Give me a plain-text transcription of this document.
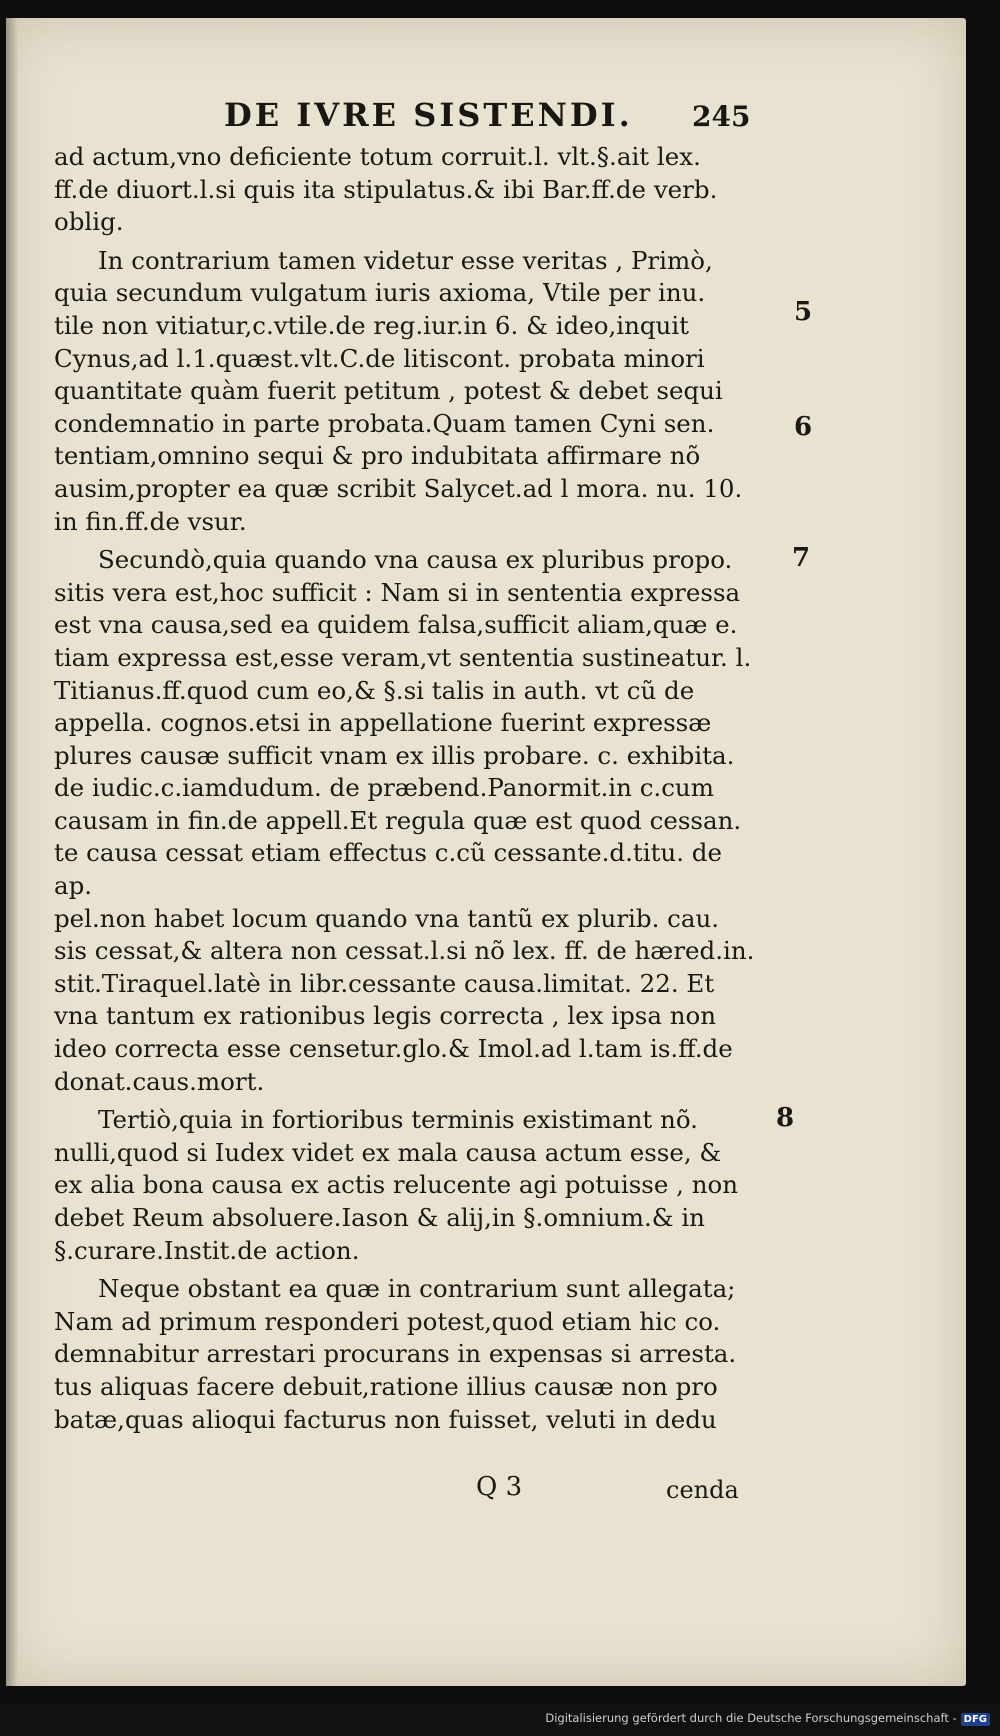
DE IVRE SISTENDI. 245

ad actum,vno deficiente totum corruit.l. vlt.§.ait lex.
ff.de diuort.l.si quis ita stipulatus.& ibi Bar.ff.de verb.
oblig.

In contrarium tamen videtur esse veritas , Primò,
quia secundum vulgatum iuris axioma, Vtile per inu.
tile non vitiatur,c.vtile.de reg.iur.in 6. & ideo,inquit
Cynus,ad l.1.quæst.vlt.C.de litiscont. probata minori
quantitate quàm fuerit petitum , potest & debet sequi
condemnatio in parte probata.Quam tamen Cyni sen.
tentiam,omnino sequi & pro indubitata affirmare nõ
ausim,propter ea quæ scribit Salycet.ad l mora. nu. 10.
in fin.ff.de vsur.

Secundò,quia quando vna causa ex pluribus propo.
sitis vera est,hoc sufficit : Nam si in sententia expressa
est vna causa,sed ea quidem falsa,sufficit aliam,quæ e.
tiam expressa est,esse veram,vt sententia sustineatur. l.
Titianus.ff.quod cum eo,& §.si talis in auth. vt cũ de
appella. cognos.etsi in appellatione fuerint expressæ
plures causæ sufficit vnam ex illis probare. c. exhibita.
de iudic.c.iamdudum. de præbend.Panormit.in c.cum
causam in fin.de appell.Et regula quæ est quod cessan.
te causa cessat etiam effectus c.cũ cessante.d.titu. de ap.
pel.non habet locum quando vna tantũ ex plurib. cau.
sis cessat,& altera non cessat.l.si nõ lex. ff. de hæred.in.
stit.Tiraquel.latè in libr.cessante causa.limitat. 22. Et
vna tantum ex rationibus legis correcta , lex ipsa non
ideo correcta esse censetur.glo.& Imol.ad l.tam is.ff.de
donat.caus.mort.

Tertiò,quia in fortioribus terminis existimant nõ.
nulli,quod si Iudex videt ex mala causa actum esse, &
ex alia bona causa ex actis relucente agi potuisse , non
debet Reum absoluere.Iason & alij,in §.omnium.& in
§.curare.Instit.de action.

Neque obstant ea quæ in contrarium sunt allegata;
Nam ad primum responderi potest,quod etiam hic co.
demnabitur arrestari procurans in expensas si arresta.
tus aliquas facere debuit,ratione illius causæ non pro
batæ,quas alioqui facturus non fuisset, veluti in dedu

5
6
7
8
Q 3	cenda
Digitalisierung gefördert durch die Deutsche Forschungsgemeinschaft - DFG
